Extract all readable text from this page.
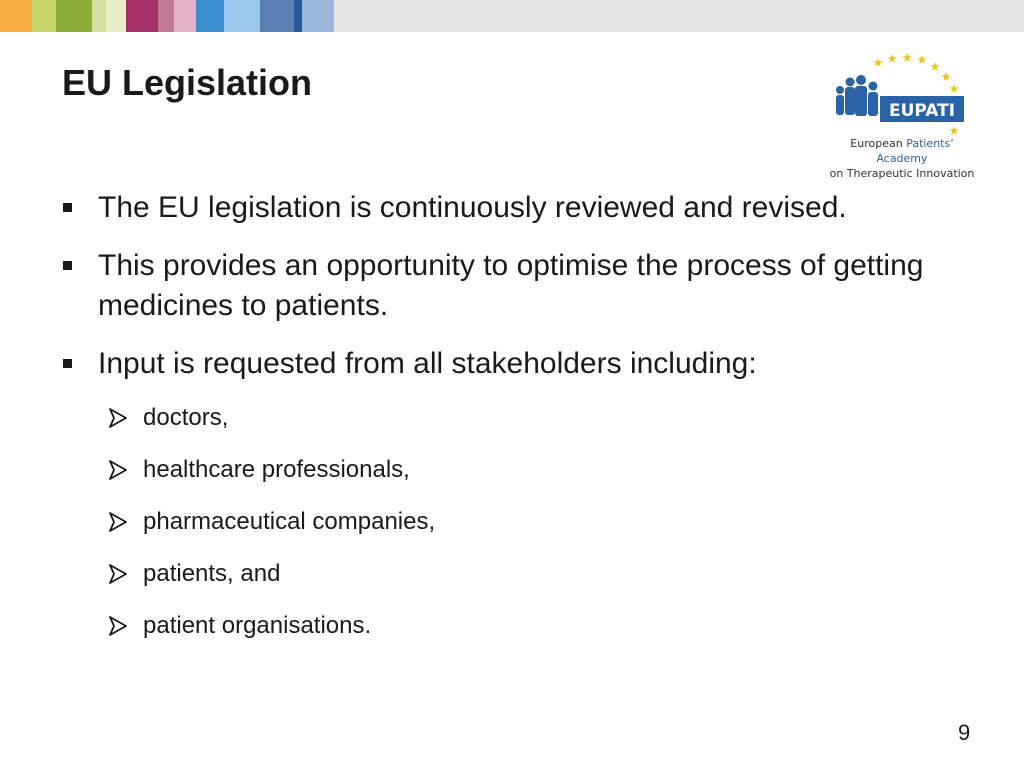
EU Legislation
EUPATI
European Patients’ Academy
on Therapeutic Innovation
The EU legislation is continuously reviewed and revised.
This provides an opportunity to optimise the process of getting medicines to patients.
Input is requested from all stakeholders including:
doctors,
healthcare professionals,
pharmaceutical companies,
patients, and
patient organisations.
9
